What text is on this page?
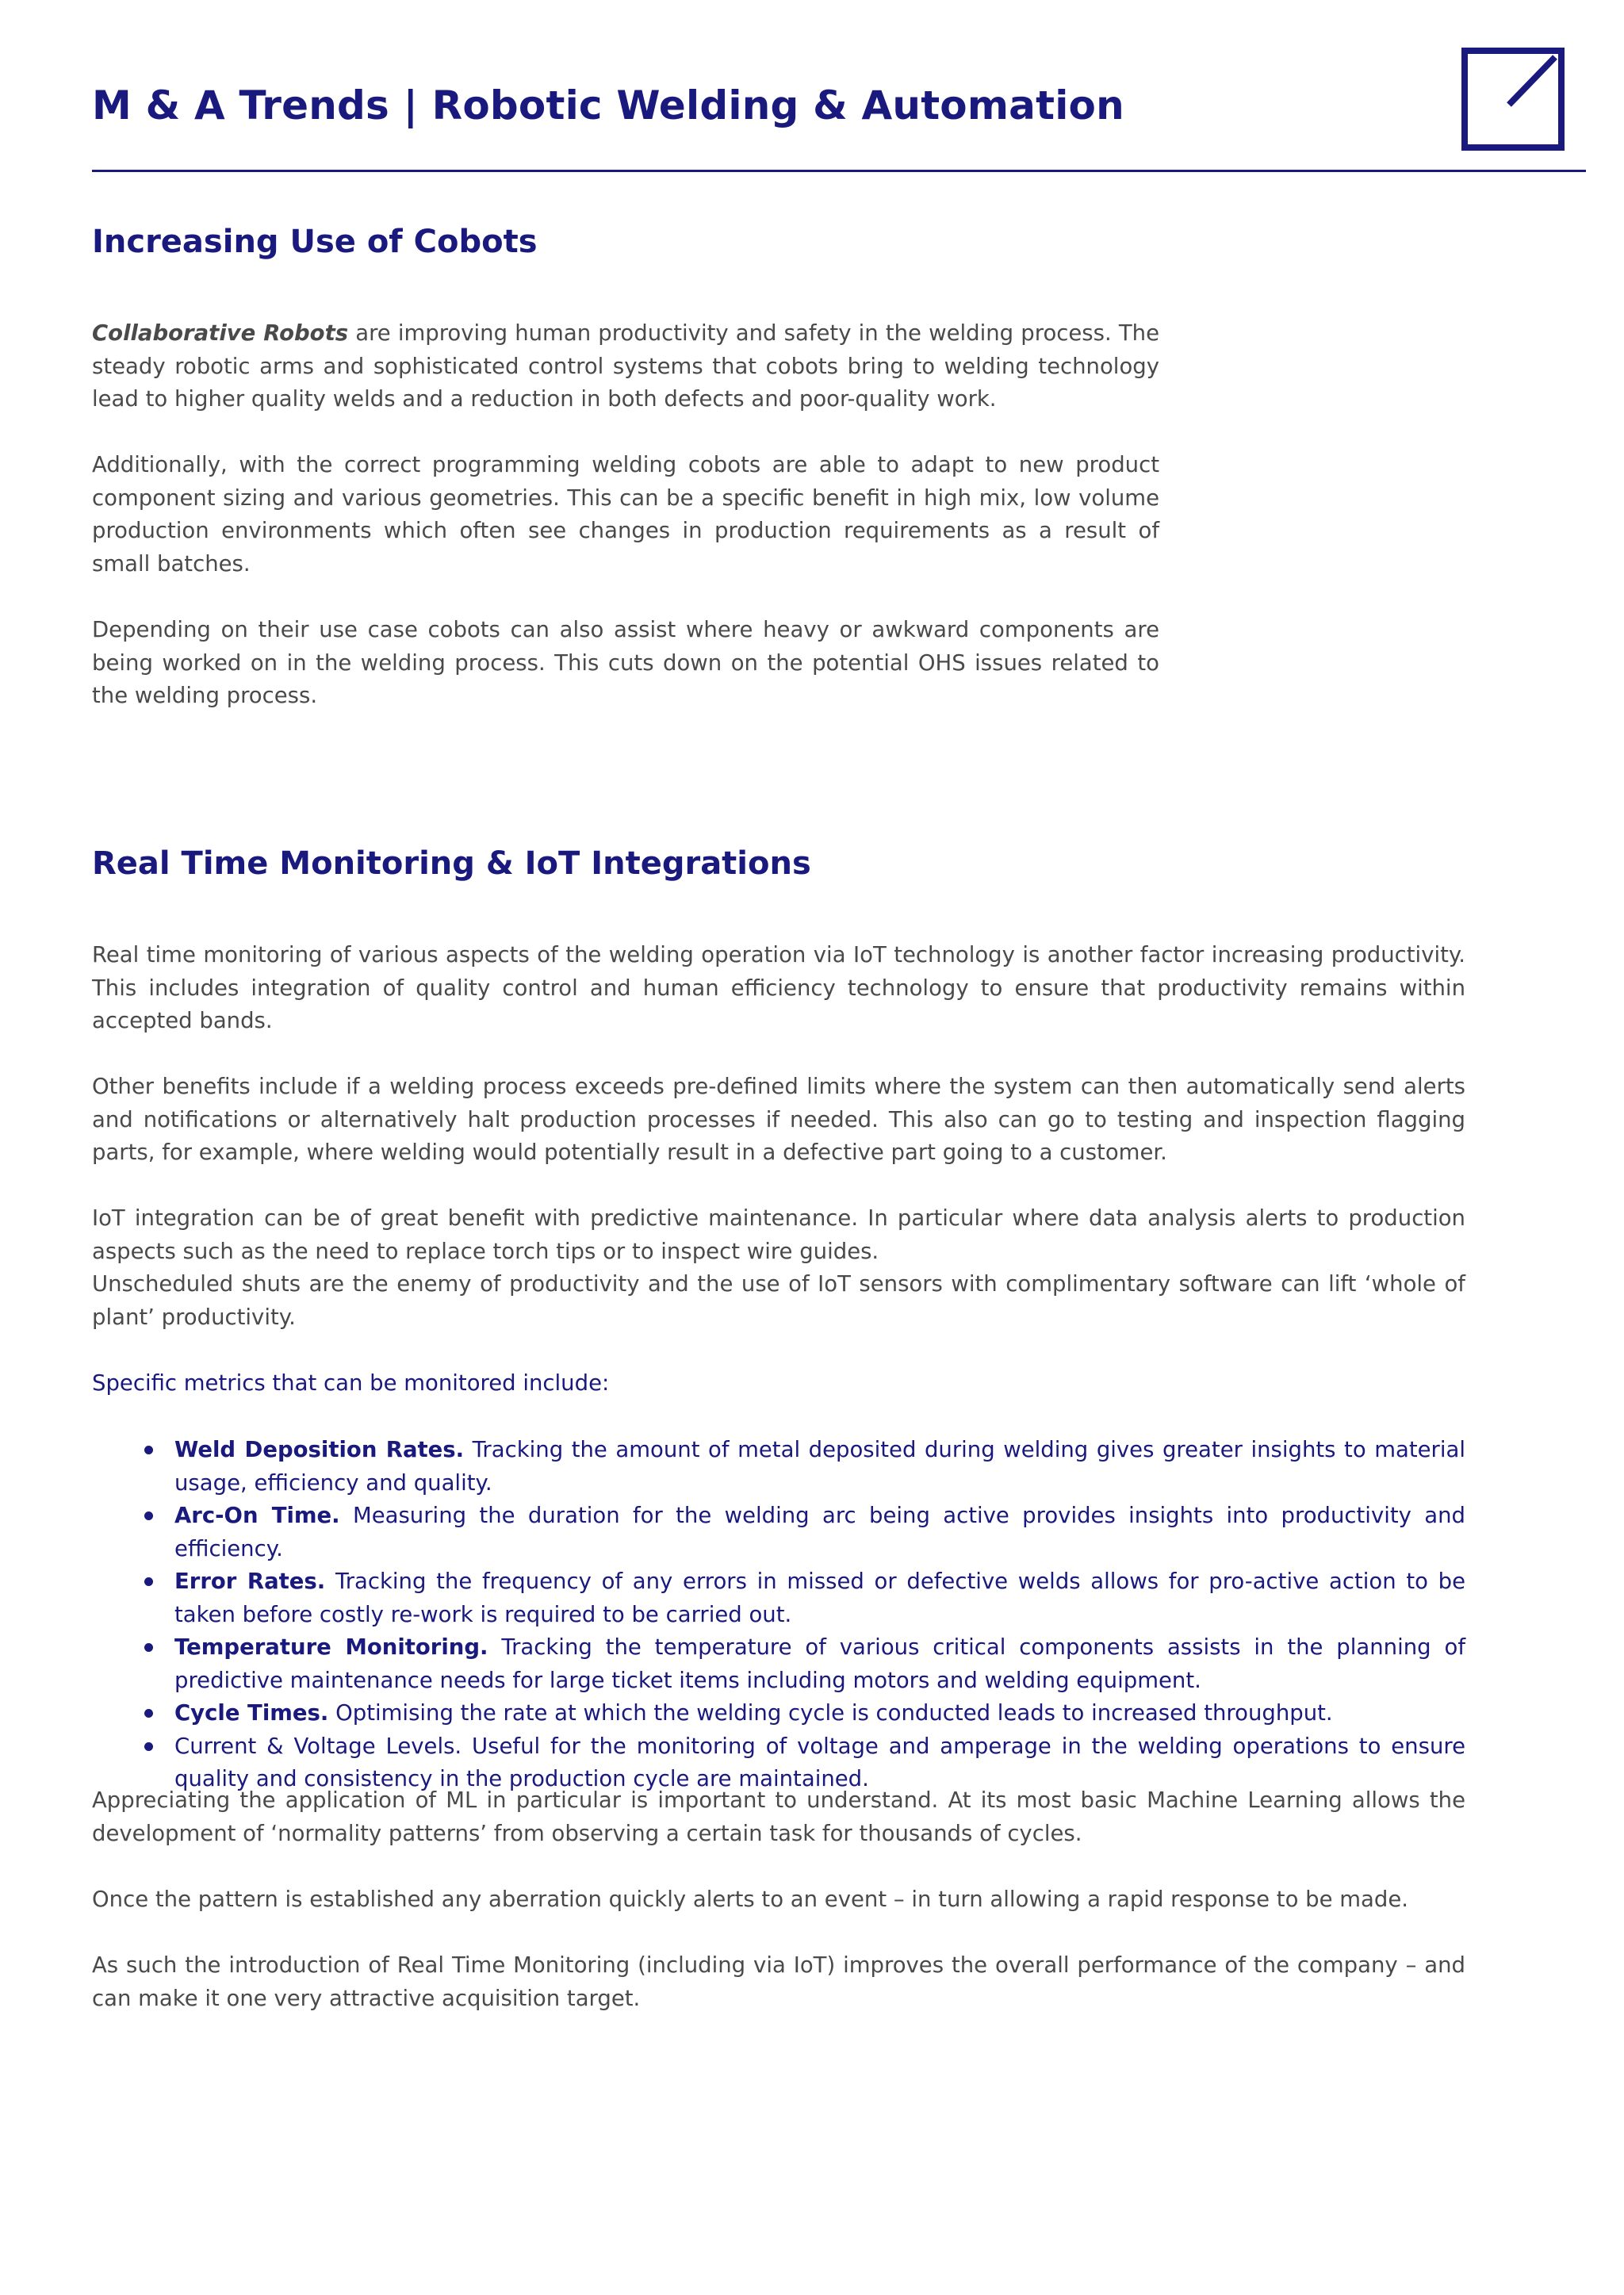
M & A Trends | Robotic Welding & Automation
Increasing Use of Cobots

Collaborative Robots are improving human productivity and safety in the welding process. The steady robotic arms and sophisticated control systems that cobots bring to welding technology lead to higher quality welds and a reduction in both defects and poor-quality work.

Additionally, with the correct programming welding cobots are able to adapt to new product component sizing and various geometries. This can be a specific benefit in high mix, low volume production environments which often see changes in production requirements as a result of small batches.

Depending on their use case cobots can also assist where heavy or awkward components are being worked on in the welding process. This cuts down on the potential OHS issues related to the welding process.

Real Time Monitoring & IoT Integrations

Real time monitoring of various aspects of the welding operation via IoT technology is another factor increasing productivity. This includes integration of quality control and human efficiency technology to ensure that productivity remains within accepted bands.

Other benefits include if a welding process exceeds pre-defined limits where the system can then automatically send alerts and notifications or alternatively halt production processes if needed. This also can go to testing and inspection flagging parts, for example, where welding would potentially result in a defective part going to a customer.

IoT integration can be of great benefit with predictive maintenance. In particular where data analysis alerts to production aspects such as the need to replace torch tips or to inspect wire guides.
Unscheduled shuts are the enemy of productivity and the use of IoT sensors with complimentary software can lift ‘whole of plant’ productivity.

Specific metrics that can be monitored include:

Weld Deposition Rates. Tracking the amount of metal deposited during welding gives greater insights to material usage, efficiency and quality.
Arc-On Time. Measuring the duration for the welding arc being active provides insights into productivity and efficiency.
Error Rates. Tracking the frequency of any errors in missed or defective welds allows for pro-active action to be taken before costly re-work is required to be carried out.
Temperature Monitoring. Tracking the temperature of various critical components assists in the planning of predictive maintenance needs for large ticket items including motors and welding equipment.
Cycle Times. Optimising the rate at which the welding cycle is conducted leads to increased throughput.
Current & Voltage Levels. Useful for the monitoring of voltage and amperage in the welding operations to ensure quality and consistency in the production cycle are maintained.

Appreciating the application of ML in particular is important to understand. At its most basic Machine Learning allows the development of ‘normality patterns’ from observing a certain task for thousands of cycles.

Once the pattern is established any aberration quickly alerts to an event – in turn allowing a rapid response to be made.

As such the introduction of Real Time Monitoring (including via IoT) improves the overall performance of the company – and can make it one very attractive acquisition target.
